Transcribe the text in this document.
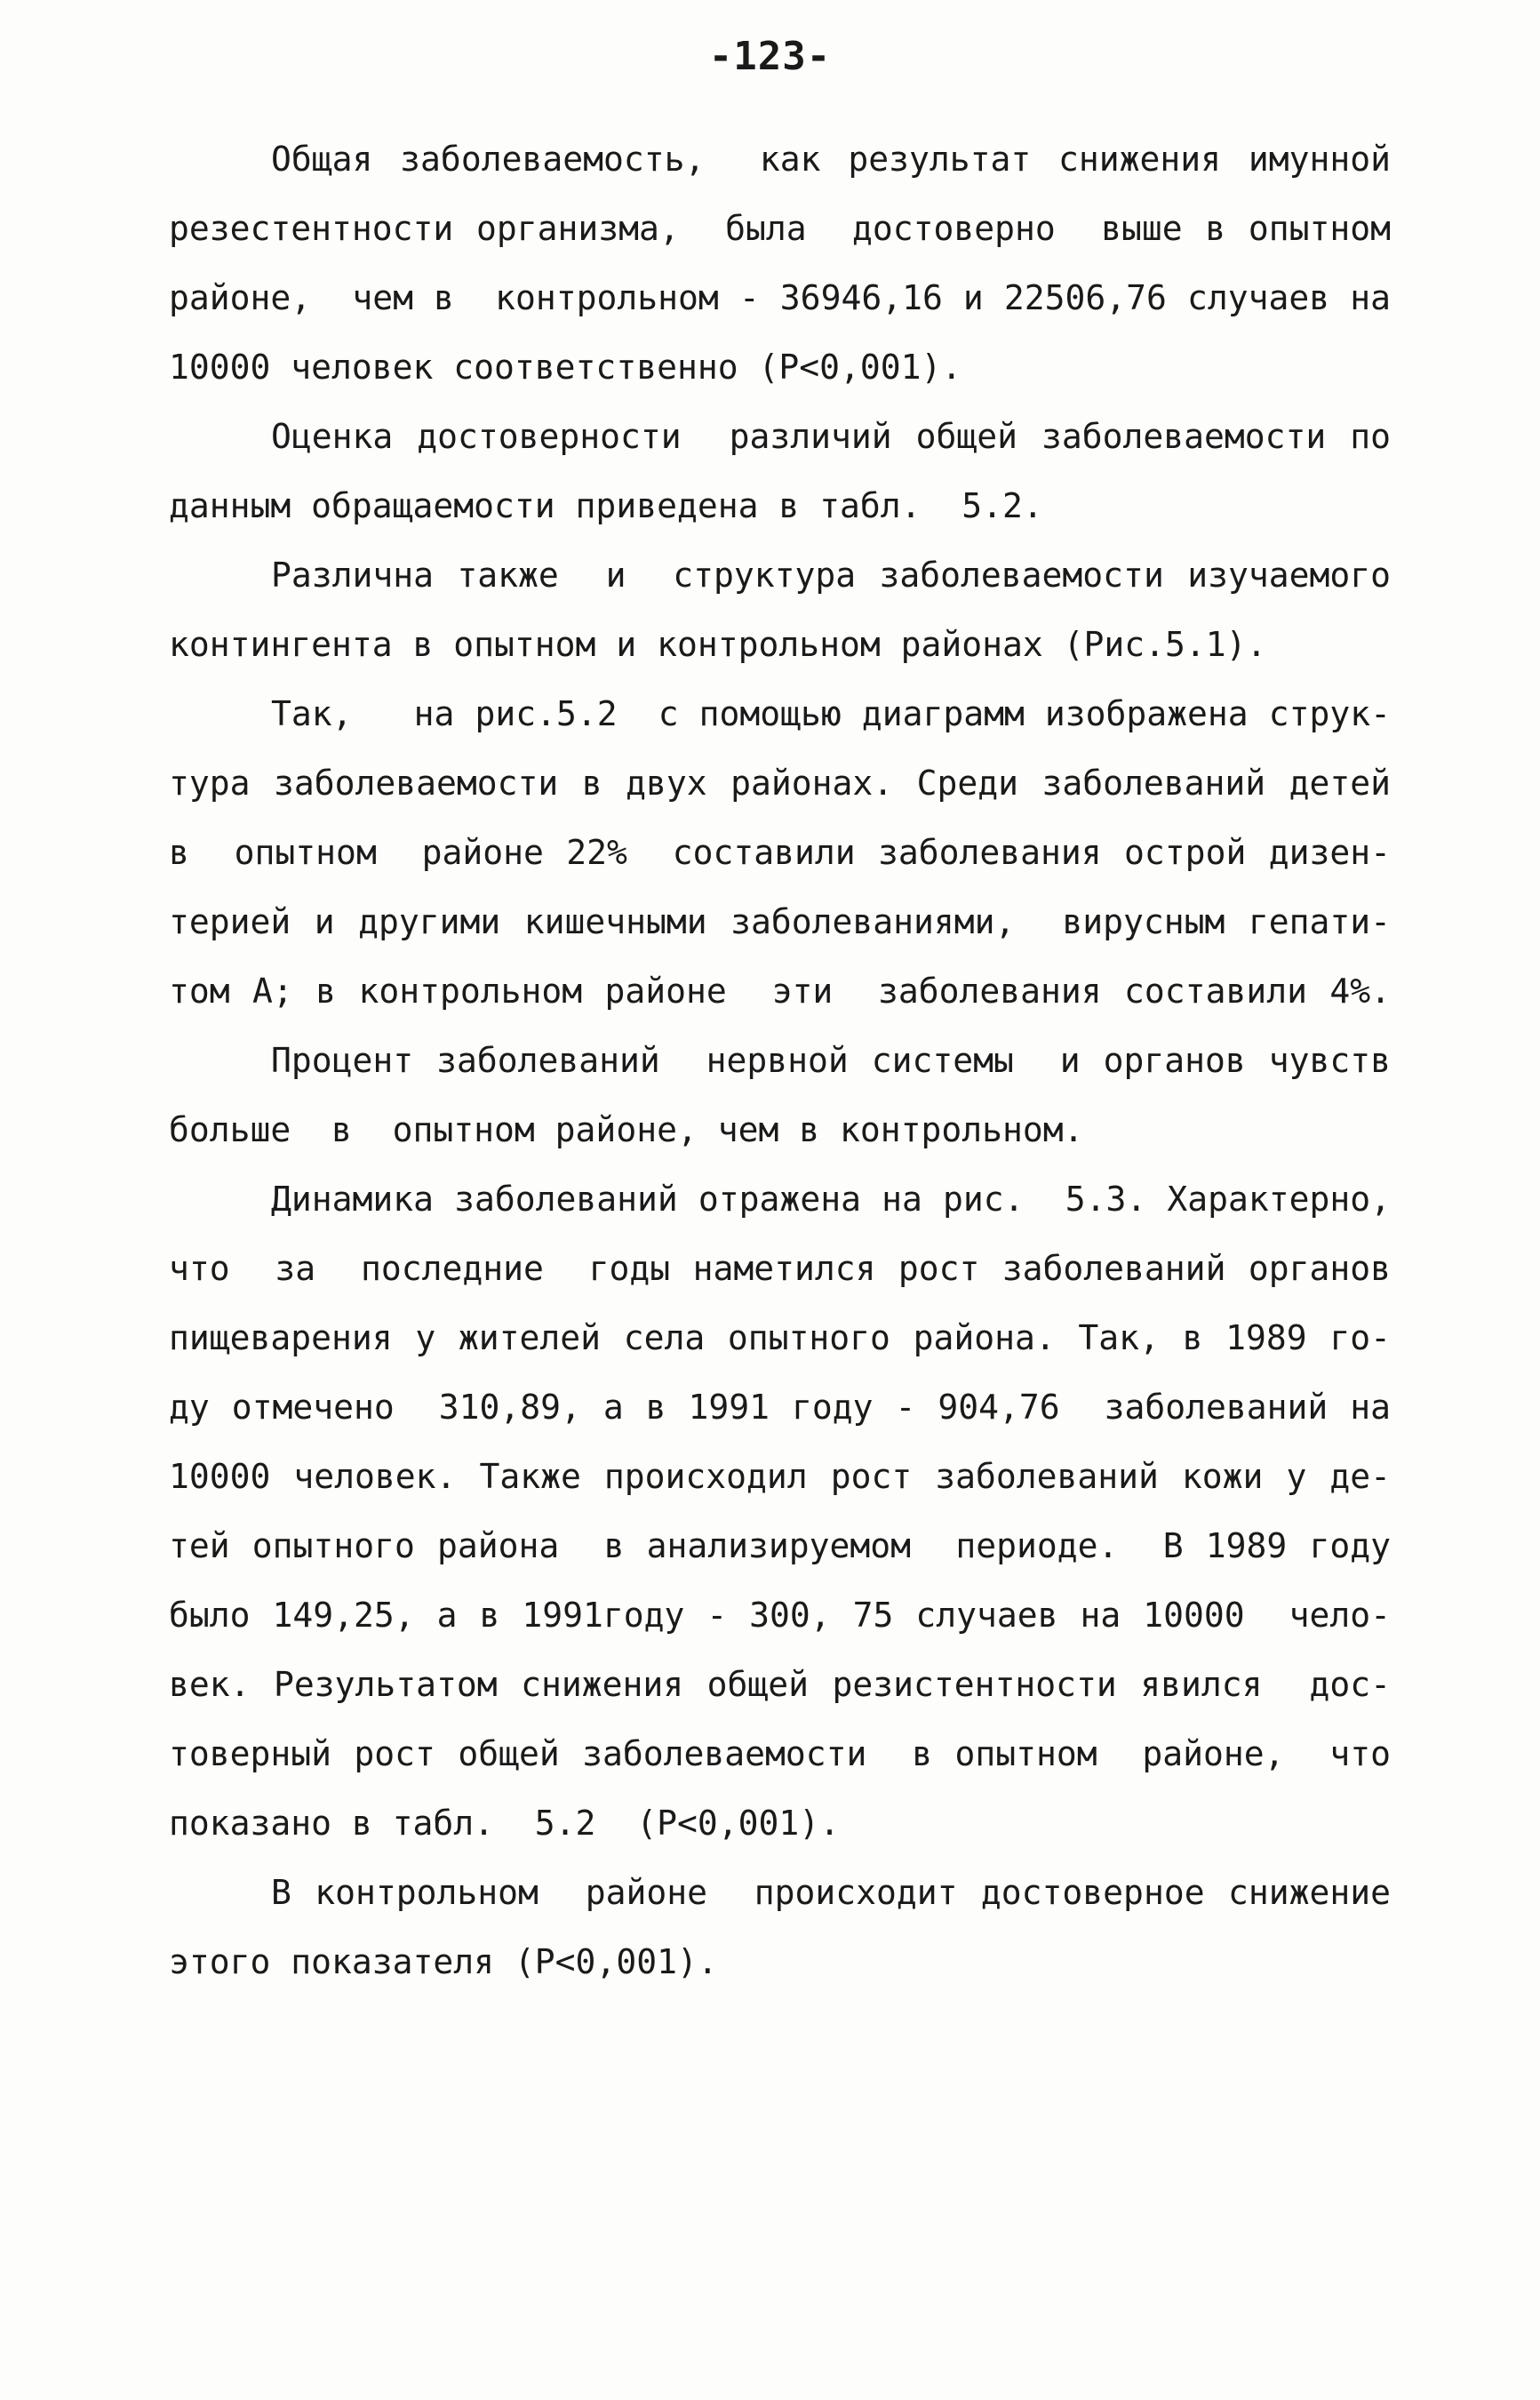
-123-
Общая заболеваемость,  как результат снижения имунной
резестентности организма,  была  достоверно  выше в опытном
районе,  чем в  контрольном - 36946,16 и 22506,76 случаев на
10000 человек соответственно (P<0,001).
Оценка достоверности  различий общей заболеваемости по
данным обращаемости приведена в табл.  5.2.
Различна также  и  структура заболеваемости изучаемого
контингента в опытном и контрольном районах (Рис.5.1).
Так,   на рис.5.2  с помощью диаграмм изображена струк-
тура заболеваемости в двух районах. Среди заболеваний детей
в  опытном  районе 22%  составили заболевания острой дизен-
терией и другими кишечными заболеваниями,  вирусным гепати-
том А; в контрольном районе  эти  заболевания составили 4%.
Процент заболеваний  нервной системы  и органов чувств
больше  в  опытном районе, чем в контрольном.
Динамика заболеваний отражена на рис.  5.3. Характерно,
что  за  последние  годы наметился рост заболеваний органов
пищеварения у жителей села опытного района. Так, в 1989 го-
ду отмечено  310,89, а в 1991 году - 904,76  заболеваний на
10000 человек. Также происходил рост заболеваний кожи у де-
тей опытного района  в анализируемом  периоде.  В 1989 году
было 149,25, а в 1991году - 300, 75 случаев на 10000  чело-
век. Результатом снижения общей резистентности явился  дос-
товерный рост общей заболеваемости  в опытном  районе,  что
показано в табл.  5.2  (P<0,001).
В контрольном  районе  происходит достоверное снижение
этого показателя (P<0,001).
